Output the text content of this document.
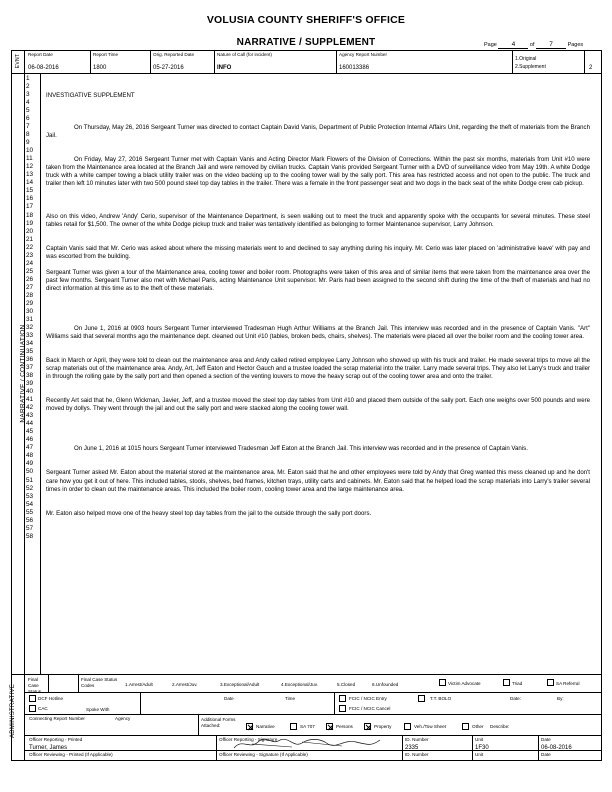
VOLUSIA COUNTY SHERIFF'S OFFICE
NARRATIVE / SUPPLEMENT	Page 4	of 7	Pages
EVNT Report Date
06-08-2016
Report Time
1800
Orig. Reported Date
05-27-2016
Nature of Call (for incident)
INFO
Agency Report Number
160013386
1.Original
2.Supplement	2
NARRATIVE / CONTINUATION
1
2
3
4
5
6
7
8
9
10
11
12
13
14
15
16
17
18
19
20
21
22
23
24
25
26
27
28
29
30
31
32
33
34
35
36
37
38
39
40
41
42
43
44
45
46
47
48
49
50
51
52
53
54
55
56
57
58
INVESTIGATIVE SUPPLEMENT
On Thursday, May 26, 2016 Sergeant Turner was directed to contact Captain David Vanis, Department of Public Protection Internal Affairs Unit, regarding the theft of materials from the Branch Jail.
On Friday, May 27, 2016 Sergeant Turner met with Captain Vanis and Acting Director Mark Flowers of the Division of Corrections. Within the past six months, materials from Unit #10 were taken from the Maintenance area located at the Branch Jail and were removed by civilian trucks. Captain Vanis provided Sergeant Turner with a DVD of surveillance video from May 19th. A white Dodge truck with a white camper towing a black utility trailer was on the video backing up to the cooling tower wall by the sally port. This area has restricted access and not open to the public. The truck and trailer then left 10 minutes later with two 500 pound steel top day tables in the trailer. There was a female in the front passenger seat and two dogs in the back seat of the white Dodge crew cab pickup.
Also on this video, Andrew 'Andy' Cerio, supervisor of the Maintenance Department, is seen walking out to meet the truck and apparently spoke with the occupants for several minutes. These steel tables retail for $1,500. The owner of the white Dodge pickup truck and trailer was tentatively identified as belonging to former Maintenance supervisor, Larry Johnson.
Captain Vanis said that Mr. Cerio was asked about where the missing materials went to and declined to say anything during his inquiry. Mr. Cerio was later placed on 'administrative leave' with pay and was escorted from the building.
Sergeant Turner was given a tour of the Maintenance area, cooling tower and boiler room. Photographs were taken of this area and of similar items that were taken from the maintenance area over the past few months. Sergeant Turner also met with Michael Paris, acting Maintenance Unit supervisor. Mr. Paris had been assigned to the second shift during the time of the theft of materials and had no direct information at this time as to the theft of these materials.
On June 1, 2016 at 0903 hours Sergeant Turner interviewed Tradesman Hugh Arthur Williams at the Branch Jail. This interview was recorded and in the presence of Captain Vanis. "Art" Williams said that several months ago the maintenance dept. cleaned out Unit #10 (tables, broken beds, chairs, shelves). The materials were placed all over the boiler room and the cooling tower area.
Back in March or April, they were told to clean out the maintenance area and Andy called retired employee Larry Johnson who showed up with his truck and trailer. He made several trips to move all the scrap materials out of the maintenance area. Andy, Art, Jeff Eaton and Hector Gauch and a trustee loaded the scrap material into the trailer. Larry made several trips. They also let Larry's truck and trailer in through the rolling gate by the sally port and then opened a section of the venting louvers to move the heavy scrap out of the cooling tower area and onto the trailer.
Recently Art said that he, Glenn Wickman, Javier, Jeff, and a trustee moved the steel top day tables from Unit #10 and placed them outside of the sally port. Each one weighs over 500 pounds and were moved by dollys. They went through the jail and out the sally port and were stacked along the cooling tower wall.
On June 1, 2016 at 1015 hours Sergeant Turner interviewed Tradesman Jeff Eaton at the Branch Jail. This interview was recorded and in the presence of Captain Vanis.
Sergeant Turner asked Mr. Eaton about the material stored at the maintenance area. Mr. Eaton said that he and other employees were told by Andy that Greg wanted this mess cleaned up and he don't care how you get it out of here. This included tables, stools, shelves, bed frames, kitchen trays, utility carts and cabinets. Mr. Eaton said that he helped load the scrap materials into Larry's trailer several times in order to clean out the maintenance areas. This included the boiler room, cooling tower area and the large maintenance area.
Mr. Eaton also helped move one of the heavy steel top day tables from the jail to the outside through the sally port doors.
ADMINISTRATIVE
Final Case Status
Final Case Status Codes	1.Arrest/Adult	2.Arrest/Juv.	3.Exceptional/Adult	4.Exceptional/Juv.	5.Closed	6.Unfounded	Victim Advocate	Triad	SA Referral
DCF Hotline
CAC	Spoke With
Date	Time	FCIC / NCIC Entry
FCIC / NCIC Cancel
T.T. BOLO	Date:	By:
Connecting Report Number	Agency	Additional Forms Attached:	Narrative	SA 707	Persons	Property	Veh./Tow Sheet	Other Describe:
Officer Reporting - Printed
Turner, James
Officer Reporting - Signature	ID. Number
2335
Unit
1F30
Date
06-08-2016
Officer Reviewing - Printed (If Applicable)	Officer Reviewing - Signature (If Applicable)	ID. Number	Unit	Date
